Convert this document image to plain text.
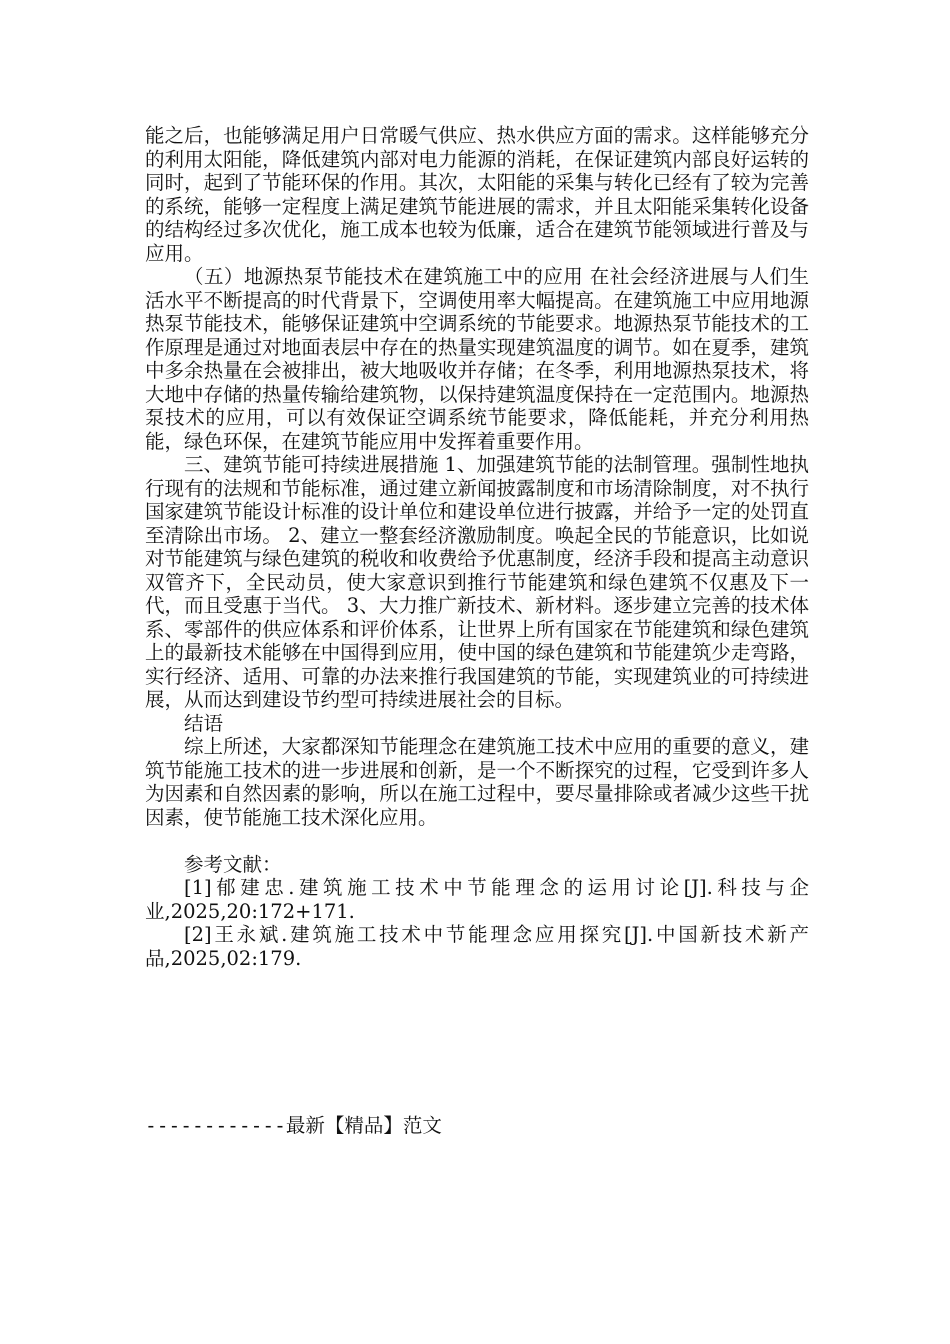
能之后，也能够满足用户日常暖气供应、热水供应方面的需求。这样能够充分的利用太阳能，降低建筑内部对电力能源的消耗，在保证建筑内部良好运转的同时，起到了节能环保的作用。其次，太阳能的采集与转化已经有了较为完善的系统，能够一定程度上满足建筑节能进展的需求，并且太阳能采集转化设备的结构经过多次优化，施工成本也较为低廉，适合在建筑节能领域进行普及与应用。

（五）地源热泵节能技术在建筑施工中的应用 在社会经济进展与人们生活水平不断提高的时代背景下，空调使用率大幅提高。在建筑施工中应用地源热泵节能技术，能够保证建筑中空调系统的节能要求。地源热泵节能技术的工作原理是通过对地面表层中存在的热量实现建筑温度的调节。如在夏季，建筑中多余热量在会被排出，被大地吸收并存储；在冬季，利用地源热泵技术，将大地中存储的热量传输给建筑物，以保持建筑温度保持在一定范围内。地源热泵技术的应用，可以有效保证空调系统节能要求，降低能耗，并充分利用热能，绿色环保，在建筑节能应用中发挥着重要作用。

三、建筑节能可持续进展措施 1、加强建筑节能的法制管理。强制性地执行现有的法规和节能标准，通过建立新闻披露制度和市场清除制度，对不执行国家建筑节能设计标准的设计单位和建设单位进行披露，并给予一定的处罚直至清除出市场。 2、建立一整套经济激励制度。唤起全民的节能意识，比如说对节能建筑与绿色建筑的税收和收费给予优惠制度，经济手段和提高主动意识双管齐下，全民动员，使大家意识到推行节能建筑和绿色建筑不仅惠及下一代，而且受惠于当代。 3、大力推广新技术、新材料。逐步建立完善的技术体系、零部件的供应体系和评价体系，让世界上所有国家在节能建筑和绿色建筑上的最新技术能够在中国得到应用，使中国的绿色建筑和节能建筑少走弯路，实行经济、适用、可靠的办法来推行我国建筑的节能，实现建筑业的可持续进展，从而达到建设节约型可持续进展社会的目标。

结语

综上所述，大家都深知节能理念在建筑施工技术中应用的重要的意义，建筑节能施工技术的进一步进展和创新，是一个不断探究的过程，它受到许多人为因素和自然因素的影响，所以在施工过程中，要尽量排除或者减少这些干扰因素，使节能施工技术深化应用。

参考文献：

[1]郁建忠.建筑施工技术中节能理念的运用讨论[J].科技与企业,2025,20:172+171.

[2]王永斌.建筑施工技术中节能理念应用探究[J].中国新技术新产品,2025,02:179.

------------最新【精品】范文
